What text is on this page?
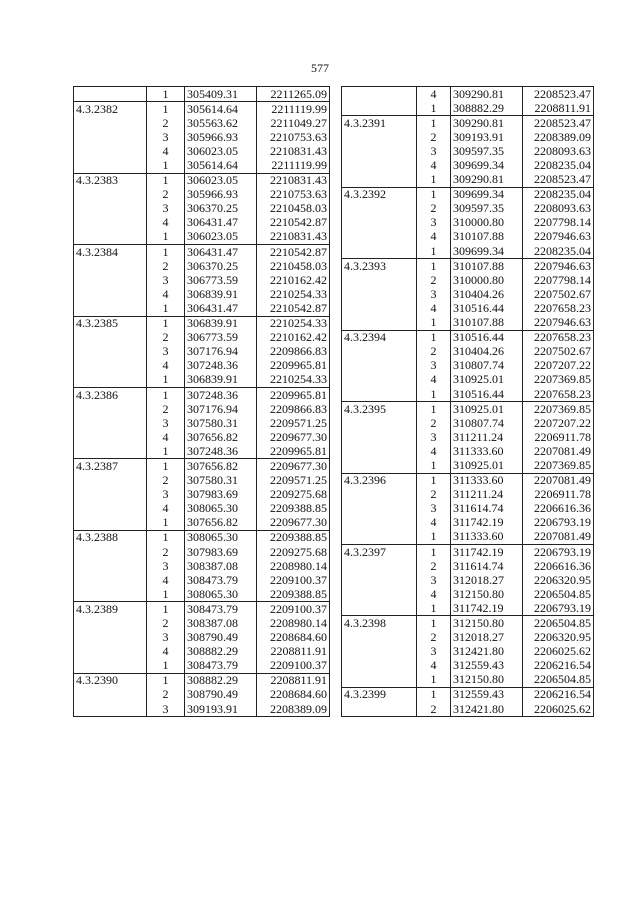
577
	1	305409.31	2211265.09
4.3.2382	1	305614.64	2211119.99
	2	305563.62	2211049.27
	3	305966.93	2210753.63
	4	306023.05	2210831.43
	1	305614.64	2211119.99
4.3.2383	1	306023.05	2210831.43
	2	305966.93	2210753.63
	3	306370.25	2210458.03
	4	306431.47	2210542.87
	1	306023.05	2210831.43
4.3.2384	1	306431.47	2210542.87
	2	306370.25	2210458.03
	3	306773.59	2210162.42
	4	306839.91	2210254.33
	1	306431.47	2210542.87
4.3.2385	1	306839.91	2210254.33
	2	306773.59	2210162.42
	3	307176.94	2209866.83
	4	307248.36	2209965.81
	1	306839.91	2210254.33
4.3.2386	1	307248.36	2209965.81
	2	307176.94	2209866.83
	3	307580.31	2209571.25
	4	307656.82	2209677.30
	1	307248.36	2209965.81
4.3.2387	1	307656.82	2209677.30
	2	307580.31	2209571.25
	3	307983.69	2209275.68
	4	308065.30	2209388.85
	1	307656.82	2209677.30
4.3.2388	1	308065.30	2209388.85
	2	307983.69	2209275.68
	3	308387.08	2208980.14
	4	308473.79	2209100.37
	1	308065.30	2209388.85
4.3.2389	1	308473.79	2209100.37
	2	308387.08	2208980.14
	3	308790.49	2208684.60
	4	308882.29	2208811.91
	1	308473.79	2209100.37
4.3.2390	1	308882.29	2208811.91
	2	308790.49	2208684.60
	3	309193.91	2208389.09
	4	309290.81	2208523.47
	1	308882.29	2208811.91
4.3.2391	1	309290.81	2208523.47
	2	309193.91	2208389.09
	3	309597.35	2208093.63
	4	309699.34	2208235.04
	1	309290.81	2208523.47
4.3.2392	1	309699.34	2208235.04
	2	309597.35	2208093.63
	3	310000.80	2207798.14
	4	310107.88	2207946.63
	1	309699.34	2208235.04
4.3.2393	1	310107.88	2207946.63
	2	310000.80	2207798.14
	3	310404.26	2207502.67
	4	310516.44	2207658.23
	1	310107.88	2207946.63
4.3.2394	1	310516.44	2207658.23
	2	310404.26	2207502.67
	3	310807.74	2207207.22
	4	310925.01	2207369.85
	1	310516.44	2207658.23
4.3.2395	1	310925.01	2207369.85
	2	310807.74	2207207.22
	3	311211.24	2206911.78
	4	311333.60	2207081.49
	1	310925.01	2207369.85
4.3.2396	1	311333.60	2207081.49
	2	311211.24	2206911.78
	3	311614.74	2206616.36
	4	311742.19	2206793.19
	1	311333.60	2207081.49
4.3.2397	1	311742.19	2206793.19
	2	311614.74	2206616.36
	3	312018.27	2206320.95
	4	312150.80	2206504.85
	1	311742.19	2206793.19
4.3.2398	1	312150.80	2206504.85
	2	312018.27	2206320.95
	3	312421.80	2206025.62
	4	312559.43	2206216.54
	1	312150.80	2206504.85
4.3.2399	1	312559.43	2206216.54
	2	312421.80	2206025.62
